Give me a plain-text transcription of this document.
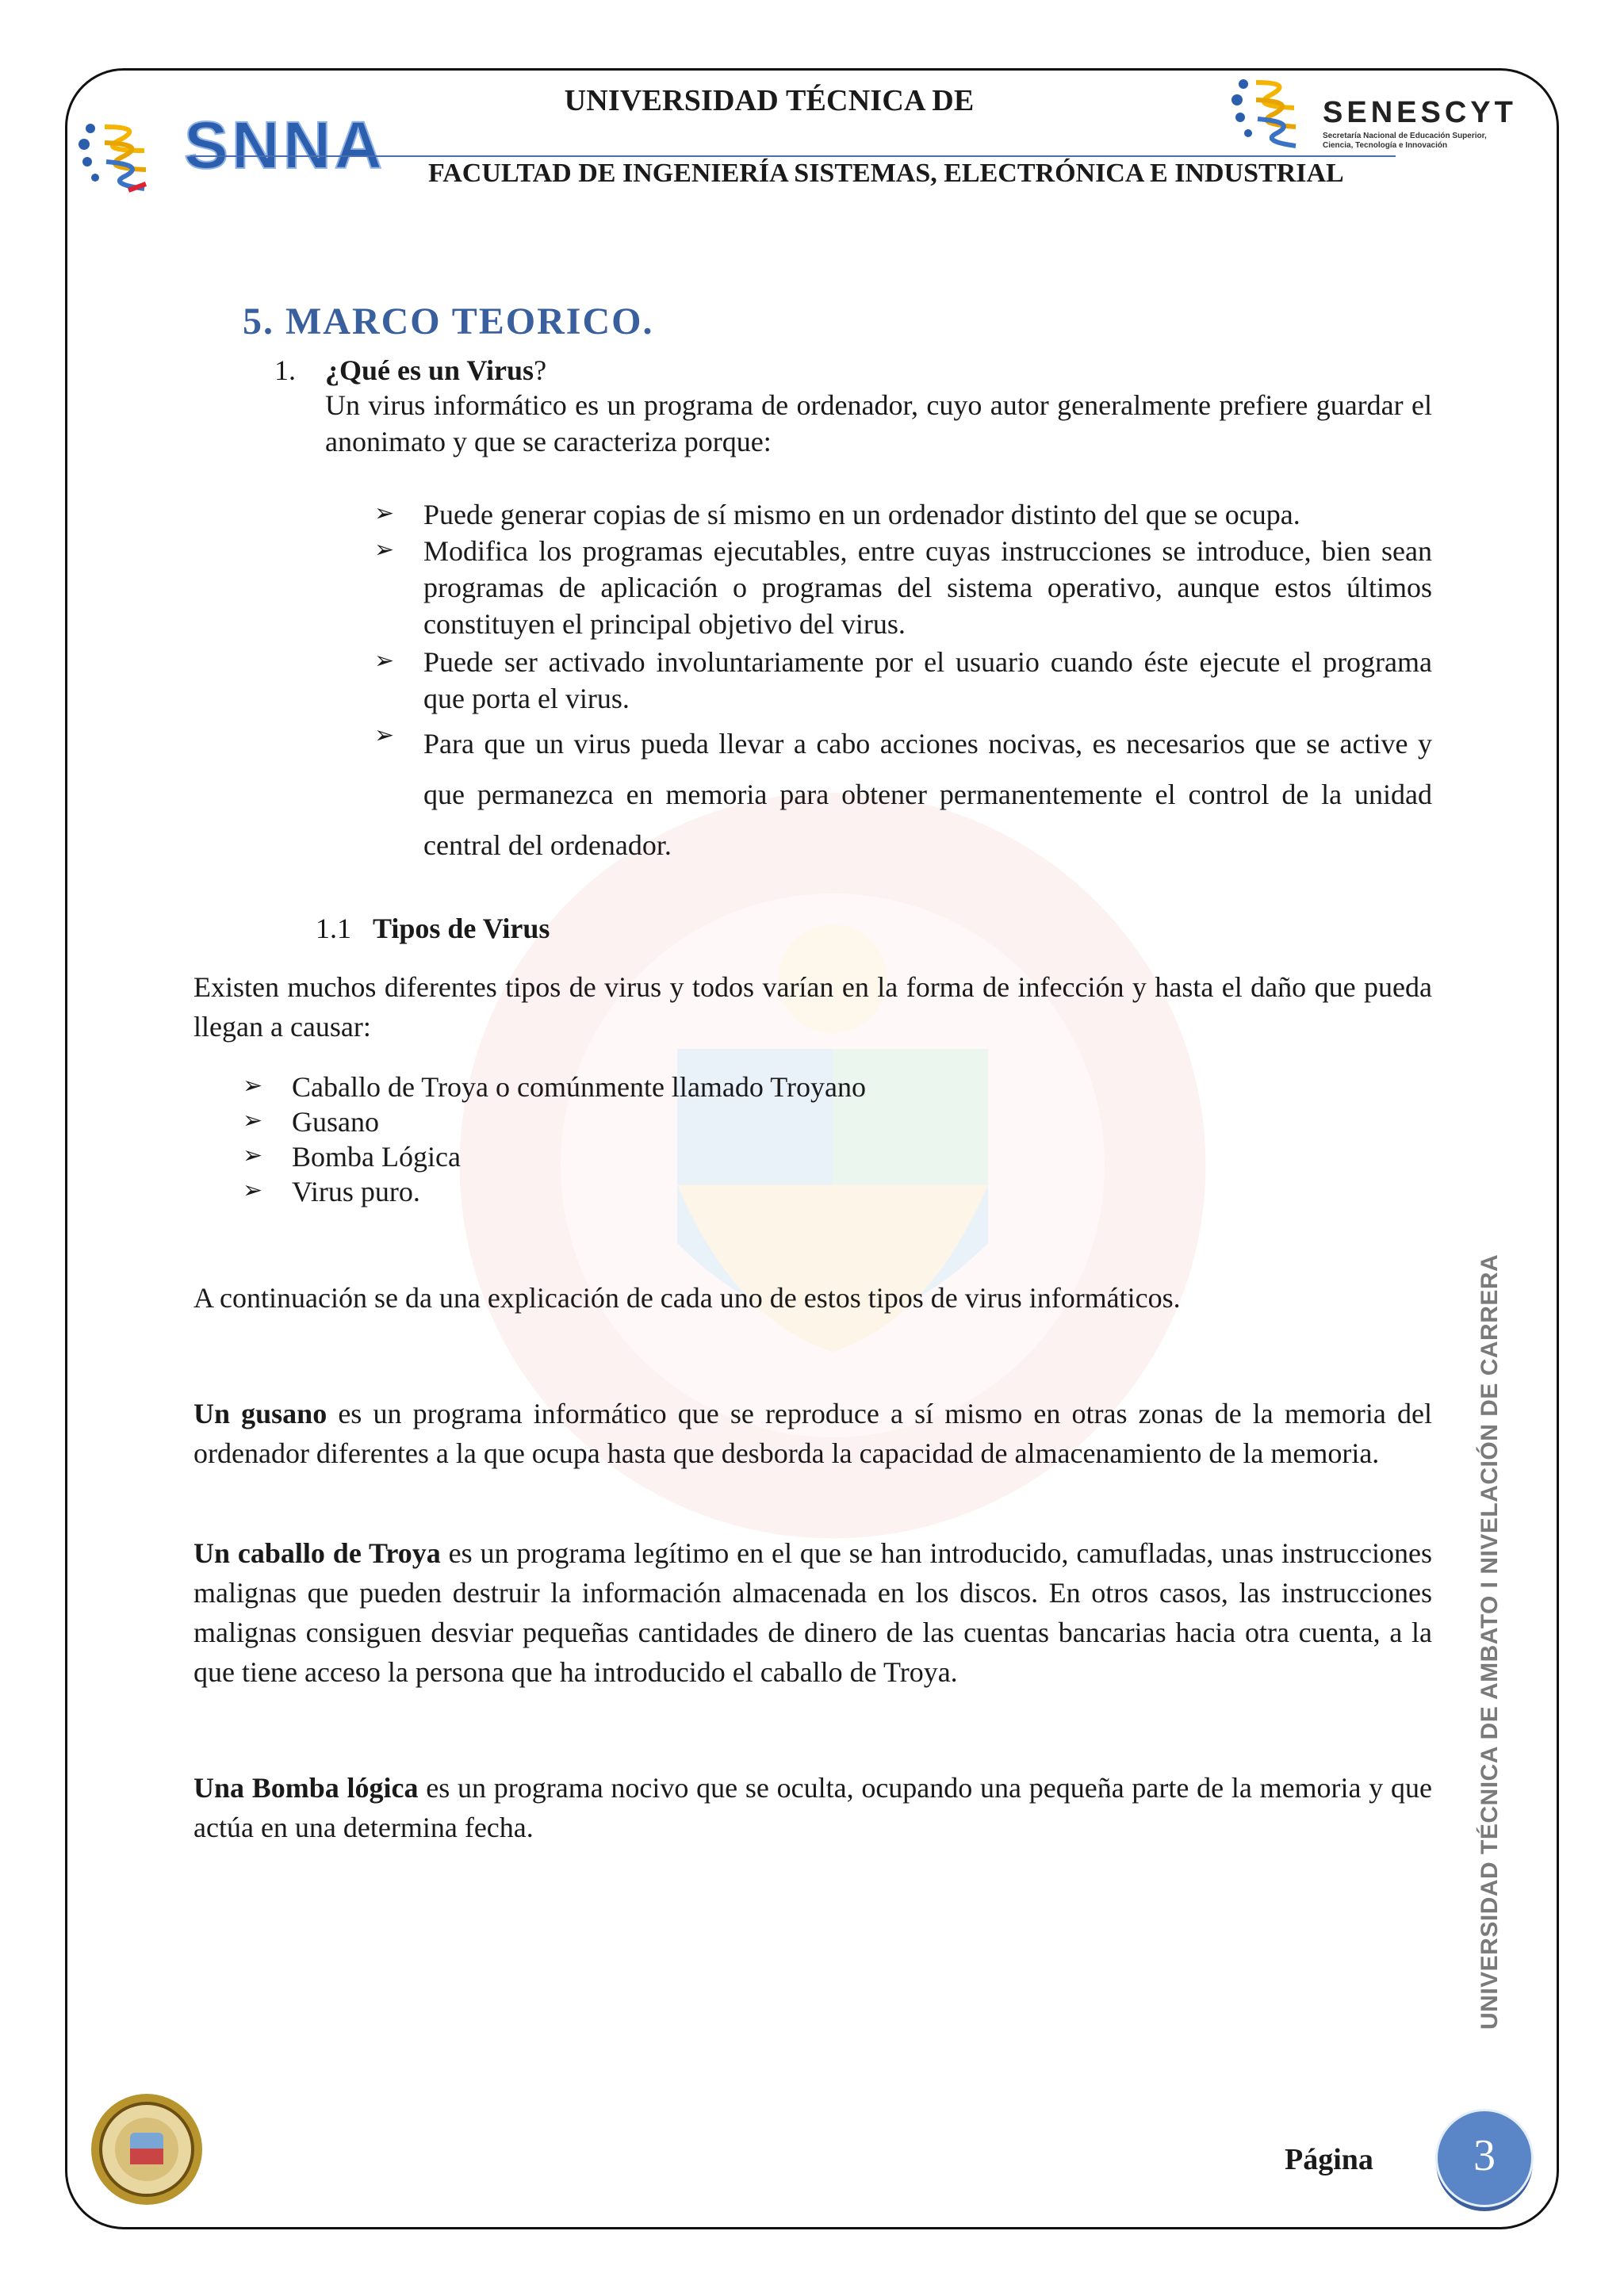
SNNA
UNIVERSIDAD TÉCNICA DE
FACULTAD DE INGENIERÍA SISTEMAS, ELECTRÓNICA E INDUSTRIAL
SENESCYT
Secretaría Nacional de Educación Superior,
Ciencia, Tecnología e Innovación
5. MARCO TEORICO.
1. ¿Qué es un Virus?
Un virus informático es un programa de ordenador, cuyo autor generalmente prefiere guardar el anonimato y que se caracteriza porque:
➢ Puede generar copias de sí mismo en un ordenador distinto del que se ocupa.
➢ Modifica los programas ejecutables, entre cuyas instrucciones se introduce, bien sean programas de aplicación o programas del sistema operativo, aunque estos últimos constituyen el principal objetivo del virus.
➢ Puede ser activado involuntariamente por el usuario cuando éste ejecute el programa que porta el virus.
➢ Para que un virus pueda llevar a cabo acciones nocivas, es necesarios que se active y que permanezca en memoria para obtener permanentemente el control de la unidad central del ordenador.
1.1 Tipos de Virus
Existen muchos diferentes tipos de virus y todos varían en la forma de infección y hasta el daño que pueda llegan a causar:
➢ Caballo de Troya o comúnmente llamado Troyano
➢ Gusano
➢ Bomba Lógica
➢ Virus puro.
A continuación se da una explicación de cada uno de estos tipos de virus informáticos.
Un gusano es un programa informático que se reproduce a sí mismo en otras zonas de la memoria del ordenador diferentes a la que ocupa hasta que desborda la capacidad de almacenamiento de la memoria.
Un caballo de Troya es un programa legítimo en el que se han introducido, camufladas, unas instrucciones malignas que pueden destruir la información almacenada en los discos. En otros casos, las instrucciones malignas consiguen desviar pequeñas cantidades de dinero de las cuentas bancarias hacia otra cuenta, a la que tiene acceso la persona que ha introducido el caballo de Troya.
Una Bomba lógica es un programa nocivo que se oculta, ocupando una pequeña parte de la memoria y que actúa en una determina fecha.	UNIVERSIDAD TÉCNICA DE AMBATO I NIVELACIÓN DE CARRERA
Página	3
